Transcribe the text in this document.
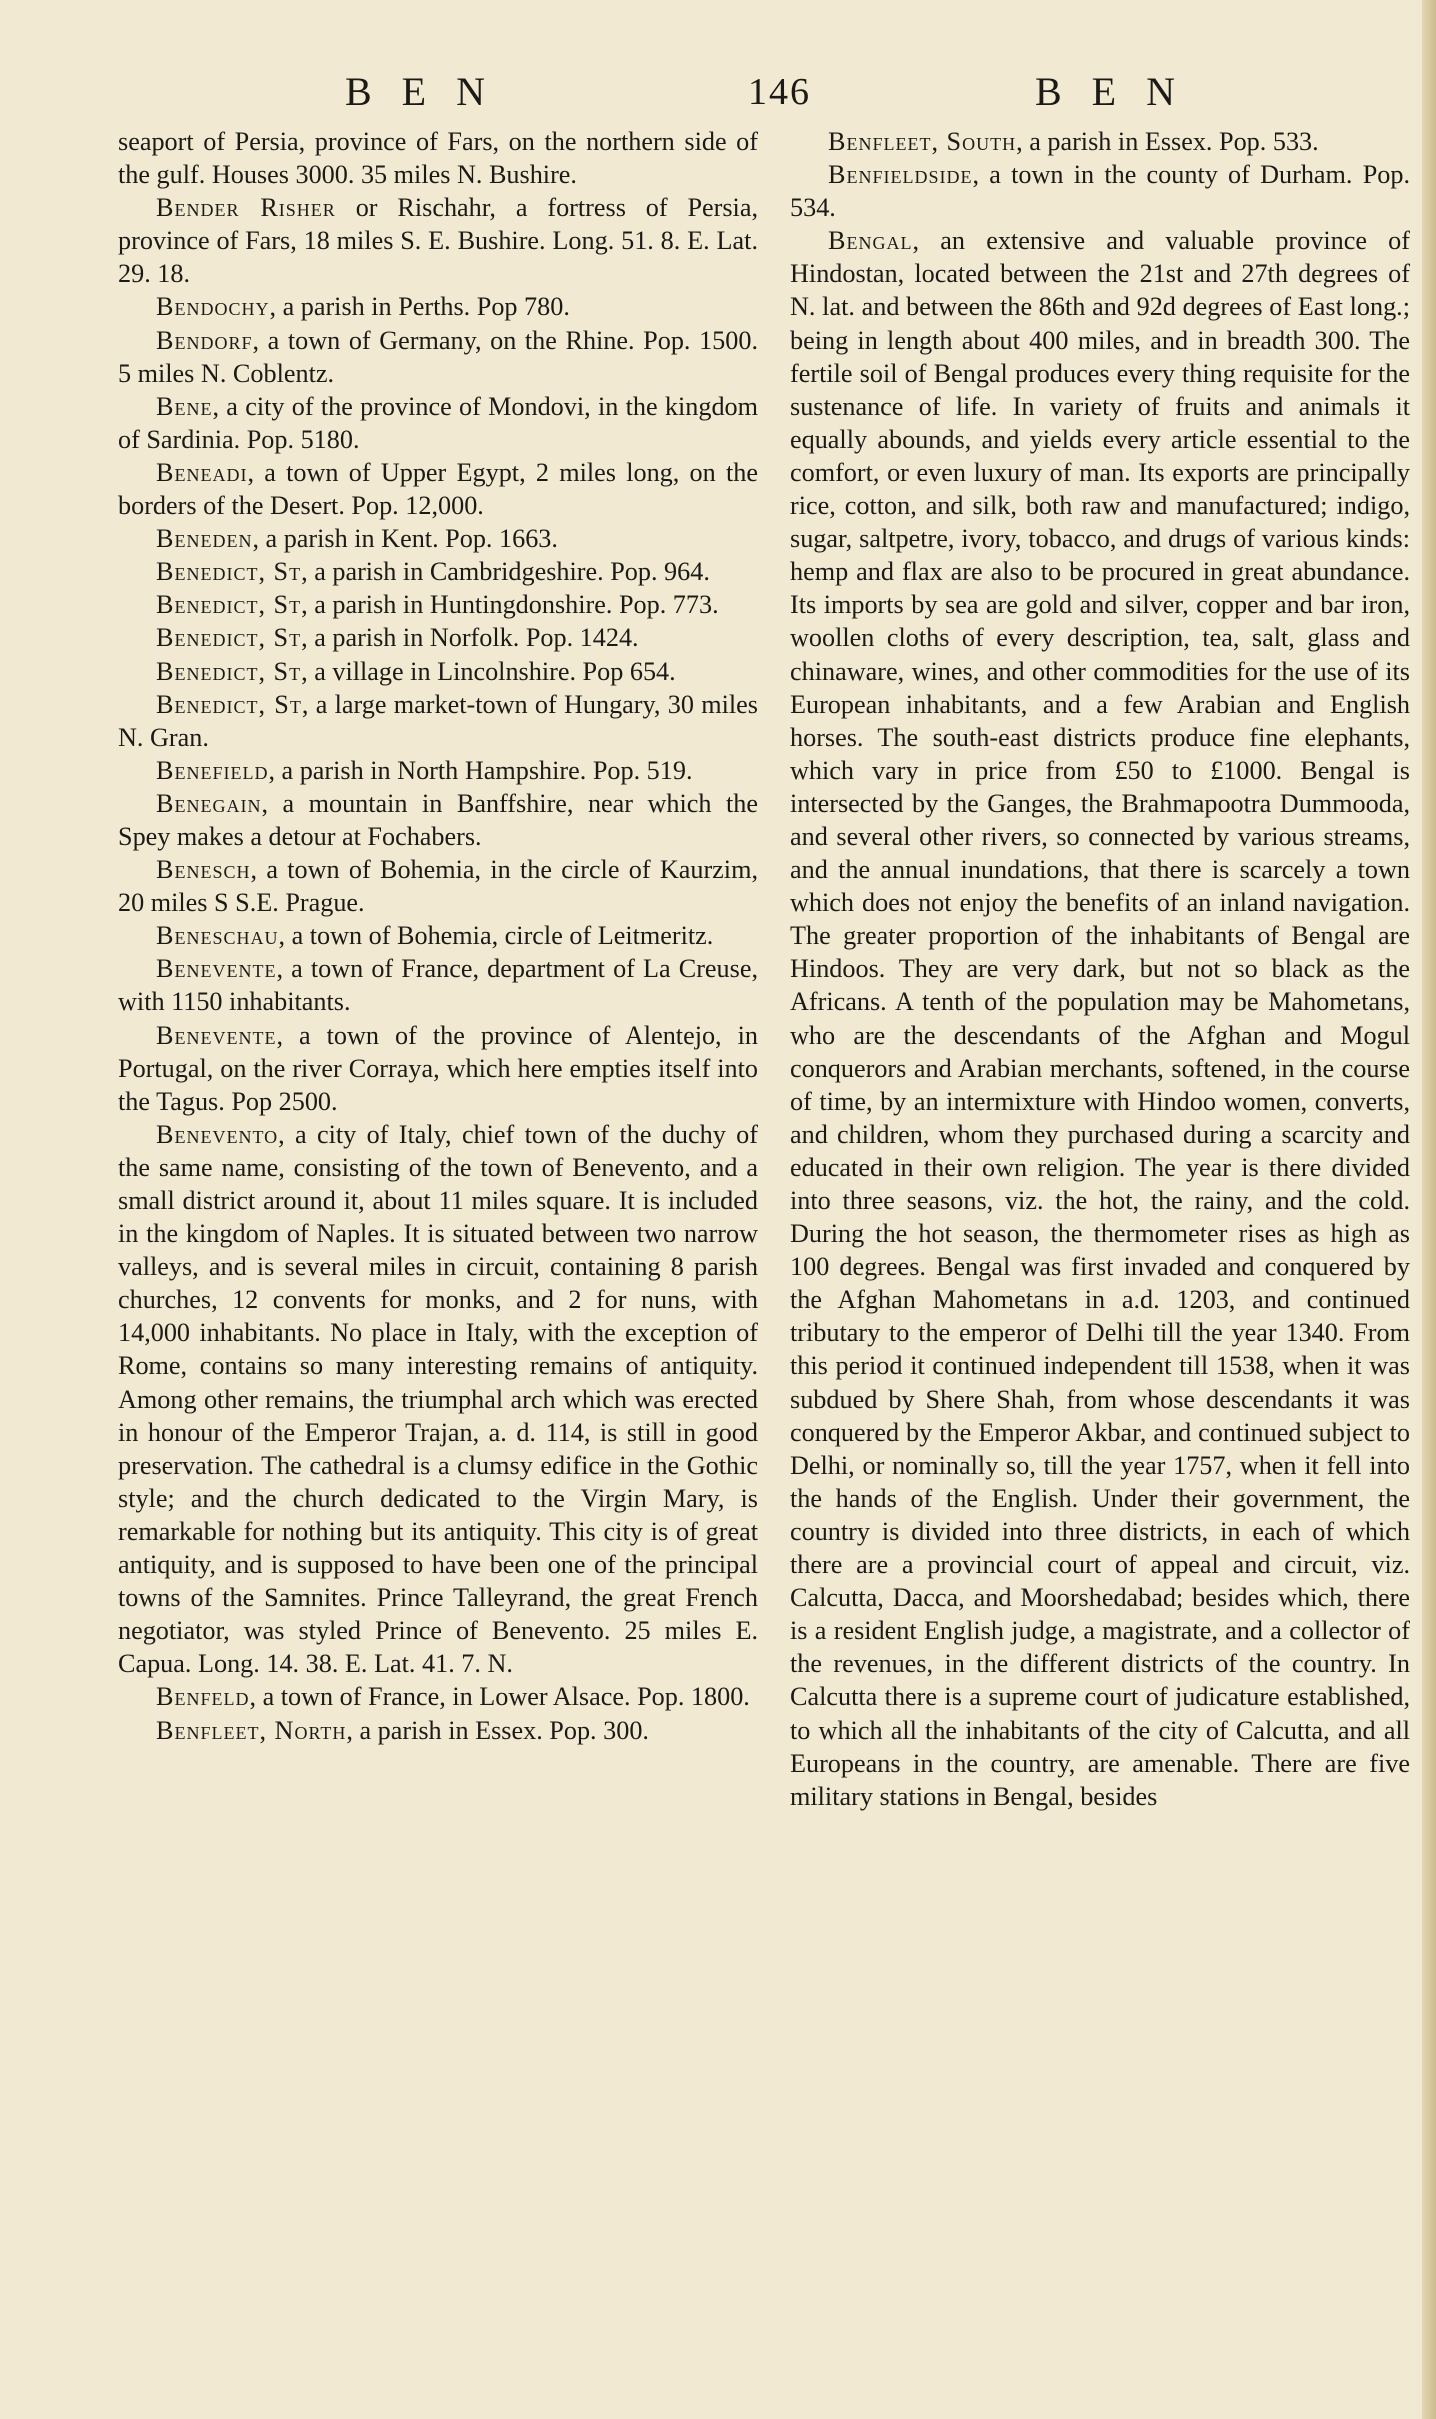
BEN	146	BEN

seaport of Persia, province of Fars, on the northern side of the gulf. Houses 3000. 35 miles N. Bushire.

Bender Risher or Rischahr, a fortress of Persia, province of Fars, 18 miles S. E. Bushire. Long. 51. 8. E. Lat. 29. 18.

Bendochy, a parish in Perths. Pop 780.

Bendorf, a town of Germany, on the Rhine. Pop. 1500. 5 miles N. Coblentz.

Bene, a city of the province of Mondovi, in the kingdom of Sardinia. Pop. 5180.

Beneadi, a town of Upper Egypt, 2 miles long, on the borders of the Desert. Pop. 12,000.

Beneden, a parish in Kent. Pop. 1663.

Benedict, St, a parish in Cambridgeshire. Pop. 964.

Benedict, St, a parish in Huntingdonshire. Pop. 773.

Benedict, St, a parish in Norfolk. Pop. 1424.

Benedict, St, a village in Lincolnshire. Pop 654.

Benedict, St, a large market-town of Hungary, 30 miles N. Gran.

Benefield, a parish in North Hampshire. Pop. 519.

Benegain, a mountain in Banffshire, near which the Spey makes a detour at Fochabers.

Benesch, a town of Bohemia, in the circle of Kaurzim, 20 miles S S.E. Prague.

Beneschau, a town of Bohemia, circle of Leitmeritz.

Benevente, a town of France, department of La Creuse, with 1150 inhabitants.

Benevente, a town of the province of Alentejo, in Portugal, on the river Corraya, which here empties itself into the Tagus. Pop 2500.

Benevento, a city of Italy, chief town of the duchy of the same name, consisting of the town of Benevento, and a small district around it, about 11 miles square. It is included in the kingdom of Naples. It is situated between two narrow valleys, and is several miles in circuit, containing 8 parish churches, 12 convents for monks, and 2 for nuns, with 14,000 inhabitants. No place in Italy, with the exception of Rome, contains so many interesting remains of antiquity. Among other remains, the triumphal arch which was erected in honour of the Emperor Trajan, a. d. 114, is still in good preservation. The cathedral is a clumsy edifice in the Gothic style; and the church dedicated to the Virgin Mary, is remarkable for nothing but its antiquity. This city is of great antiquity, and is supposed to have been one of the principal towns of the Samnites. Prince Talleyrand, the great French negotiator, was styled Prince of Benevento. 25 miles E. Capua. Long. 14. 38. E. Lat. 41. 7. N.

Benfeld, a town of France, in Lower Alsace. Pop. 1800.

Benfleet, North, a parish in Essex. Pop. 300.

Benfleet, South, a parish in Essex. Pop. 533.

Benfieldside, a town in the county of Durham. Pop. 534.

Bengal, an extensive and valuable province of Hindostan, located between the 21st and 27th degrees of N. lat. and between the 86th and 92d degrees of East long.; being in length about 400 miles, and in breadth 300. The fertile soil of Bengal produces every thing requisite for the sustenance of life. In variety of fruits and animals it equally abounds, and yields every article essential to the comfort, or even luxury of man. Its exports are principally rice, cotton, and silk, both raw and manufactured; indigo, sugar, saltpetre, ivory, tobacco, and drugs of various kinds: hemp and flax are also to be procured in great abundance. Its imports by sea are gold and silver, copper and bar iron, woollen cloths of every description, tea, salt, glass and chinaware, wines, and other commodities for the use of its European inhabitants, and a few Arabian and English horses. The south-east districts produce fine elephants, which vary in price from £50 to £1000. Bengal is intersected by the Ganges, the Brahmapootra Dummooda, and several other rivers, so connected by various streams, and the annual inundations, that there is scarcely a town which does not enjoy the benefits of an inland navigation. The greater proportion of the inhabitants of Bengal are Hindoos. They are very dark, but not so black as the Africans. A tenth of the population may be Mahometans, who are the descendants of the Afghan and Mogul conquerors and Arabian merchants, softened, in the course of time, by an intermixture with Hindoo women, converts, and children, whom they purchased during a scarcity and educated in their own religion. The year is there divided into three seasons, viz. the hot, the rainy, and the cold. During the hot season, the thermometer rises as high as 100 degrees. Bengal was first invaded and conquered by the Afghan Mahometans in a.d. 1203, and continued tributary to the emperor of Delhi till the year 1340. From this period it continued independent till 1538, when it was subdued by Shere Shah, from whose descendants it was conquered by the Emperor Akbar, and continued subject to Delhi, or nominally so, till the year 1757, when it fell into the hands of the English. Under their government, the country is divided into three districts, in each of which there are a provincial court of appeal and circuit, viz. Calcutta, Dacca, and Moorshedabad; besides which, there is a resident English judge, a magistrate, and a collector of the revenues, in the different districts of the country. In Calcutta there is a supreme court of judicature established, to which all the inhabitants of the city of Calcutta, and all Europeans in the country, are amenable. There are five military stations in Bengal, besides
